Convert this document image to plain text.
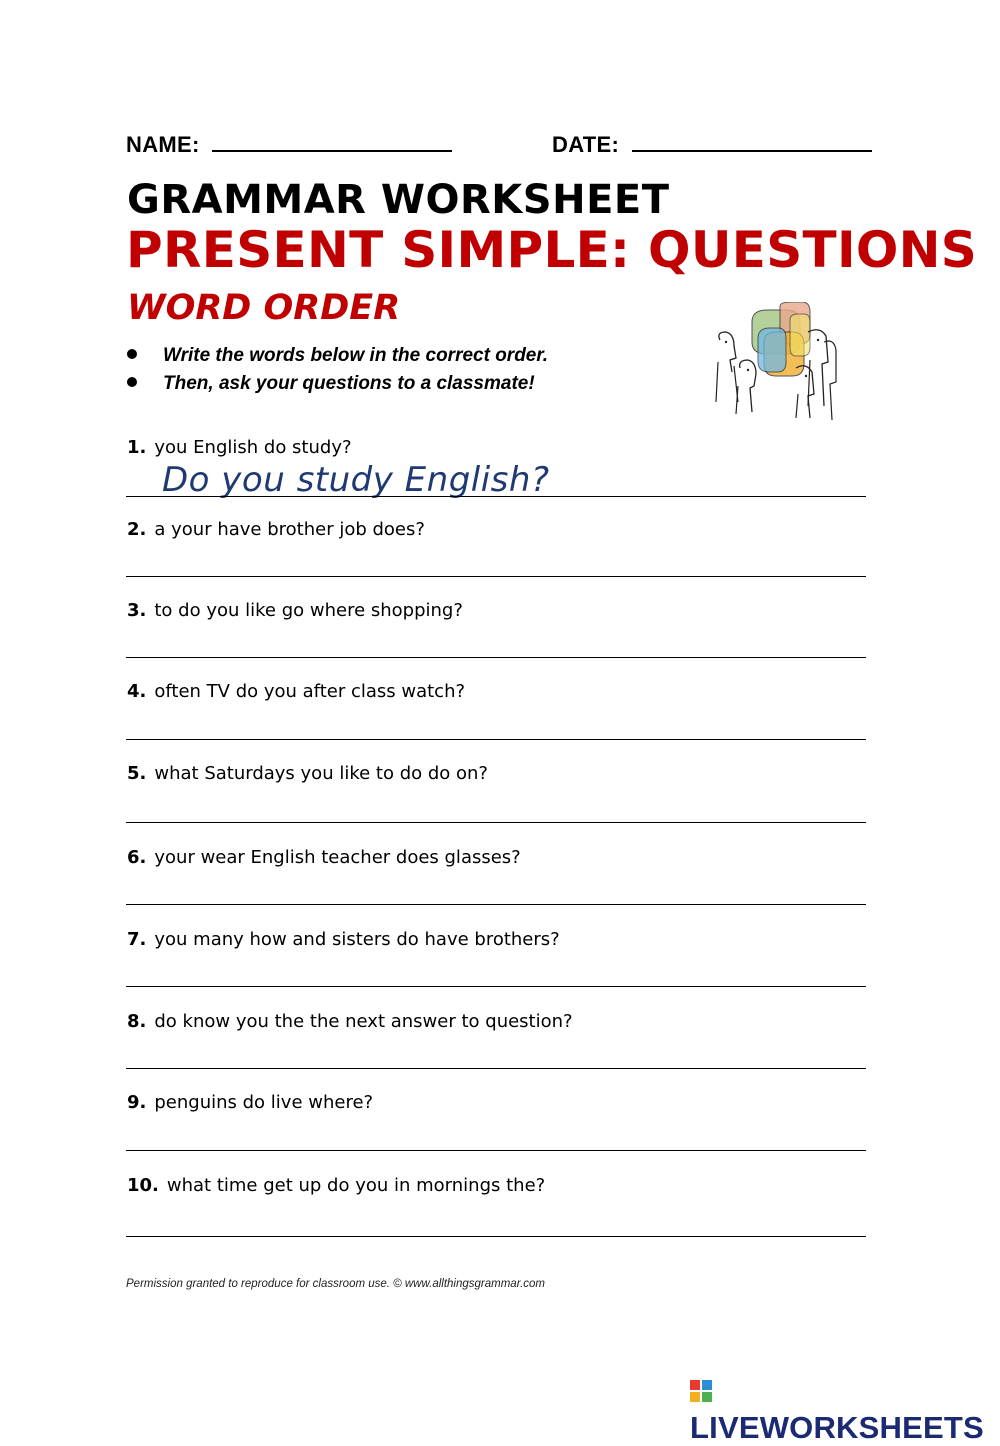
NAME:	DATE:
GRAMMAR WORKSHEET
PRESENT SIMPLE: QUESTIONS
WORD ORDER
Write the words below in the correct order.
Then, ask your questions to a classmate!
1. you English do study?
Do you study English?
2. a your have brother job does?
3. to do you like go where shopping?
4. often TV do you after class watch?
5. what Saturdays you like to do do on?
6. your wear English teacher does glasses?
7. you many how and sisters do have brothers?
8. do know you the the next answer to question?
9. penguins do live where?
10. what time get up do you in mornings the?
Permission granted to reproduce for classroom use. © www.allthingsgrammar.com
LIVEWORKSHEETS
